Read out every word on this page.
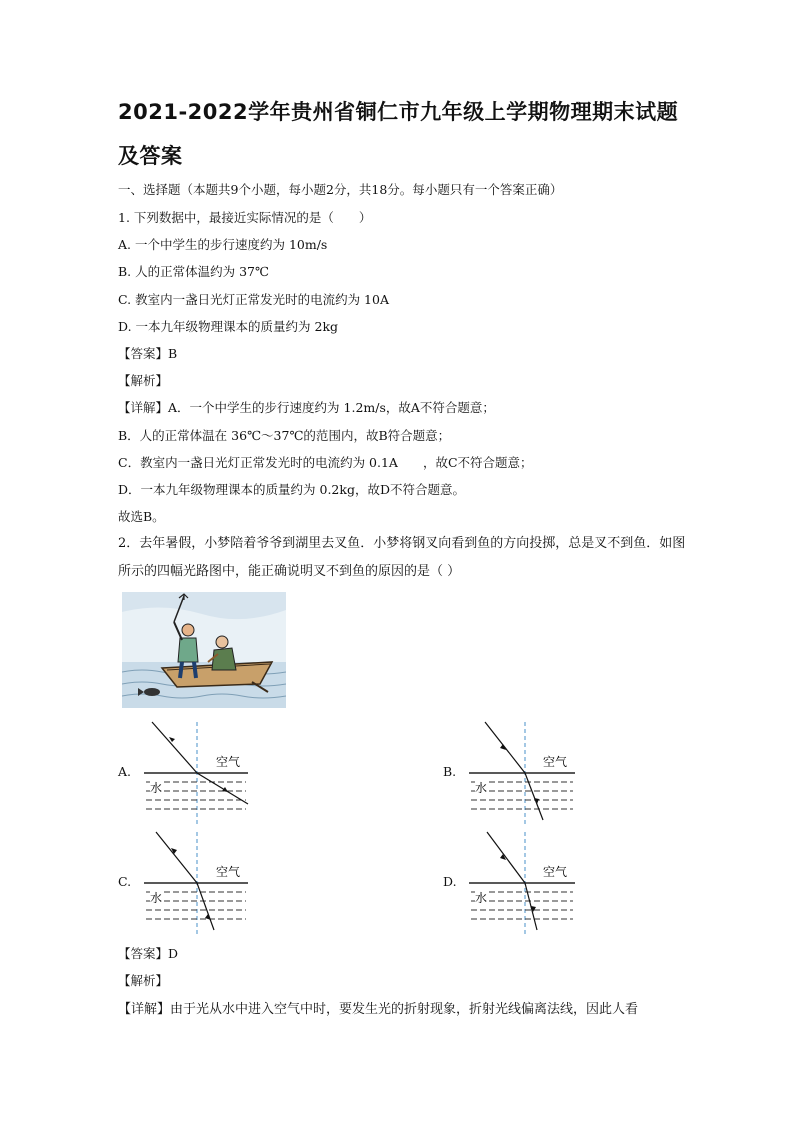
2021-2022学年贵州省铜仁市九年级上学期物理期末试题及答案
一、选择题（本题共9个小题，每小题2分，共18分。每小题只有一个答案正确）
1. 下列数据中，最接近实际情况的是（　　）
A. 一个中学生的步行速度约为 10m/s
B. 人的正常体温约为 37℃
C. 教室内一盏日光灯正常发光时的电流约为 10A
D. 一本九年级物理课本的质量约为 2kg
【答案】B
【解析】
【详解】A．一个中学生的步行速度约为 1.2m/s，故A不符合题意；
B．人的正常体温在 36℃～37℃的范围内，故B符合题意；
C．教室内一盏日光灯正常发光时的电流约为 0.1A　　，故C不符合题意；
D．一本九年级物理课本的质量约为 0.2kg，故D不符合题意。
故选B。
2．去年暑假，小梦陪着爷爷到湖里去叉鱼．小梦将钢叉向看到鱼的方向投掷，总是叉不到鱼．如图所示的四幅光路图中，能正确说明叉不到鱼的原因的是（ ）
A.	B.
C.	D.
水
空气
水
空气
水
空气
水
空气
【答案】D
【解析】
【详解】由于光从水中进入空气中时，要发生光的折射现象，折射光线偏离法线，因此人看
